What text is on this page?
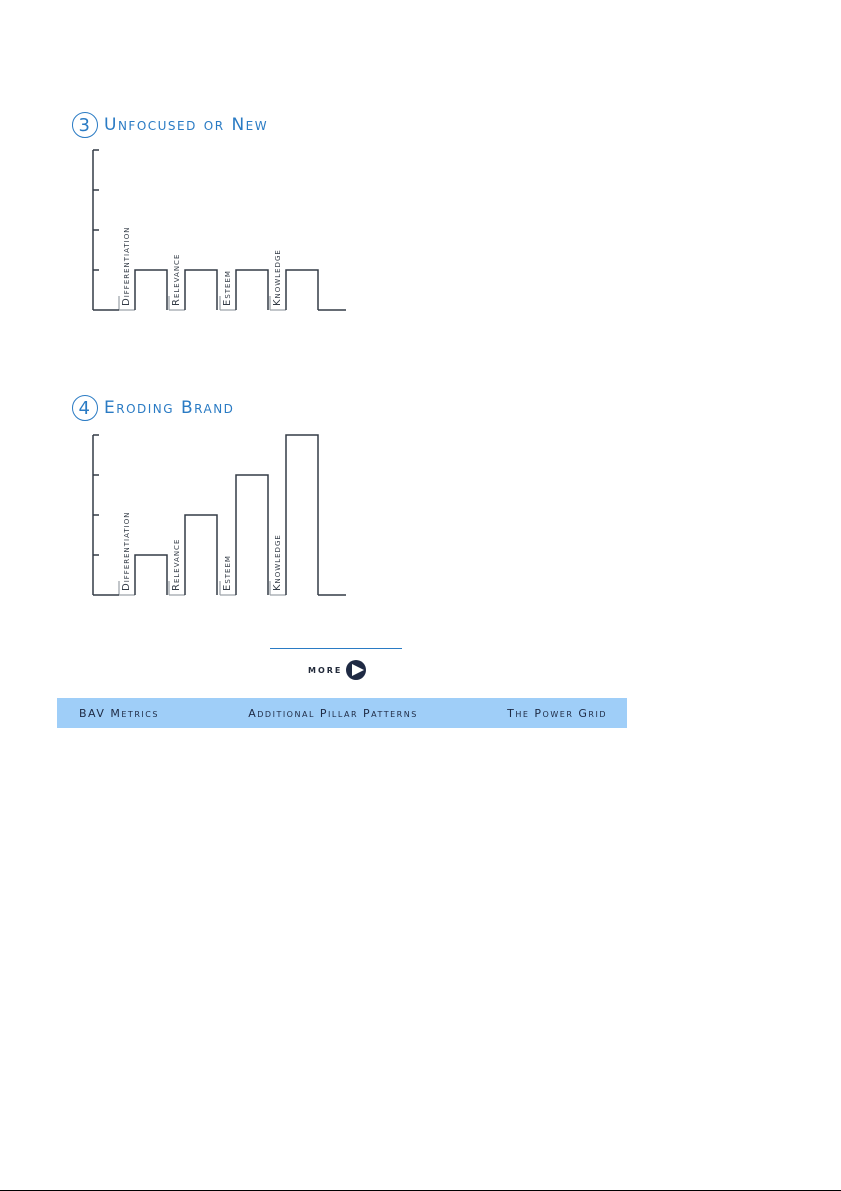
3 Unfocused or New
Differentiation	Relevance	Esteem	Knowledge
4 Eroding Brand
Differentiation	Relevance	Esteem	Knowledge
MORE
BAV Metrics	Additional Pillar Patterns	The Power Grid
